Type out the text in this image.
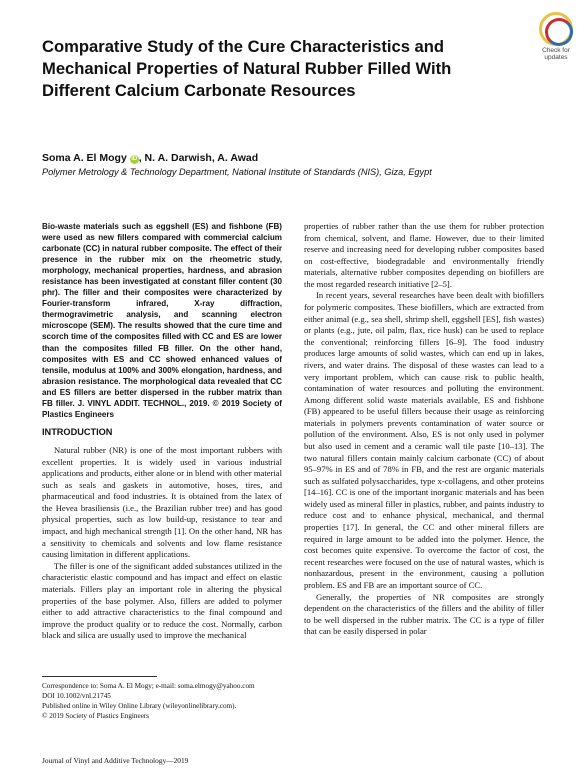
Check for
updates
Comparative Study of the Cure Characteristics and Mechanical Properties of Natural Rubber Filled With Different Calcium Carbonate Resources
Soma A. El Mogy iD , N. A. Darwish, A. Awad
Polymer Metrology & Technology Department, National Institute of Standards (NIS), Giza, Egypt
Bio-waste materials such as eggshell (ES) and fishbone (FB) were used as new fillers compared with commercial calcium carbonate (CC) in natural rubber composite. The effect of their presence in the rubber mix on the rheometric study, morphology, mechanical properties, hardness, and abrasion resistance has been investigated at constant filler content (30 phr). The filler and their composites were characterized by Fourier-transform infrared, X-ray diffraction, thermogravimetric analysis, and scanning electron microscope (SEM). The results showed that the cure time and scorch time of the composites filled with CC and ES are lower than the composites filled FB filler. On the other hand, composites with ES and CC showed enhanced values of tensile, modulus at 100% and 300% elongation, hardness, and abrasion resistance. The morphological data revealed that CC and ES fillers are better dispersed in the rubber matrix than FB filler. J. VINYL ADDIT. TECHNOL., 2019. © 2019 Society of Plastics Engineers
INTRODUCTION

Natural rubber (NR) is one of the most important rubbers with excellent properties. It is widely used in various industrial applications and products, either alone or in blend with other material such as seals and gaskets in automotive, hoses, tires, and pharmaceutical and food industries. It is obtained from the latex of the Hevea brasiliensis (i.e., the Brazilian rubber tree) and has good physical properties, such as low build-up, resistance to tear and impact, and high mechanical strength [1]. On the other hand, NR has a sensitivity to chemicals and solvents and low flame resistance causing limitation in different applications.

The filler is one of the significant added substances utilized in the characteristic elastic compound and has impact and effect on elastic materials. Fillers play an important role in altering the physical properties of the base polymer. Also, fillers are added to polymer either to add attractive characteristics to the final compound and improve the product quality or to reduce the cost. Normally, carbon black and silica are usually used to improve the mechanical

Correspondence to: Soma A. El Mogy; e-mail: soma.elmogy@yahoo.com
DOI 10.1002/vnl.21745
Published online in Wiley Online Library (wileyonlinelibrary.com).
© 2019 Society of Plastics Engineers

properties of rubber rather than the use them for rubber protection from chemical, solvent, and flame. However, due to their limited reserve and increasing need for developing rubber composites based on cost-effective, biodegradable and environmentally friendly materials, alternative rubber composites depending on biofillers are the most regarded research initiative [2–5].

In recent years, several researches have been dealt with biofillers for polymeric composites. These biofillers, which are extracted from either animal (e.g., sea shell, shrimp shell, eggshell [ES], fish wastes) or plants (e.g., jute, oil palm, flax, rice husk) can be used to replace the conventional; reinforcing fillers [6–9]. The food industry produces large amounts of solid wastes, which can end up in lakes, rivers, and water drains. The disposal of these wastes can lead to a very important problem, which can cause risk to public health, contamination of water resources and polluting the environment. Among different solid waste materials available, ES and fishbone (FB) appeared to be useful fillers because their usage as reinforcing materials in polymers prevents contamination of water source or pollution of the environment. Also, ES is not only used in polymer but also used in cement and a ceramic wall tile paste [10–13]. The two natural fillers contain mainly calcium carbonate (CC) of about 95–97% in ES and of 78% in FB, and the rest are organic materials such as sulfated polysaccharides, type x-collagens, and other proteins [14–16]. CC is one of the important inorganic materials and has been widely used as mineral filler in plastics, rubber, and paints industry to reduce cost and to enhance physical, mechanical, and thermal properties [17]. In general, the CC and other mineral fillers are required in large amount to be added into the polymer. Hence, the cost becomes quite expensive. To overcome the factor of cost, the recent researches were focused on the use of natural wastes, which is nonhazardous, present in the environment, causing a pollution problem. ES and FB are an important source of CC.

Generally, the properties of NR composites are strongly dependent on the characteristics of the fillers and the ability of filler to be well dispersed in the rubber matrix. The CC is a type of filler that can be easily dispersed in polar

Journal of Vinyl and Additive Technology—2019
